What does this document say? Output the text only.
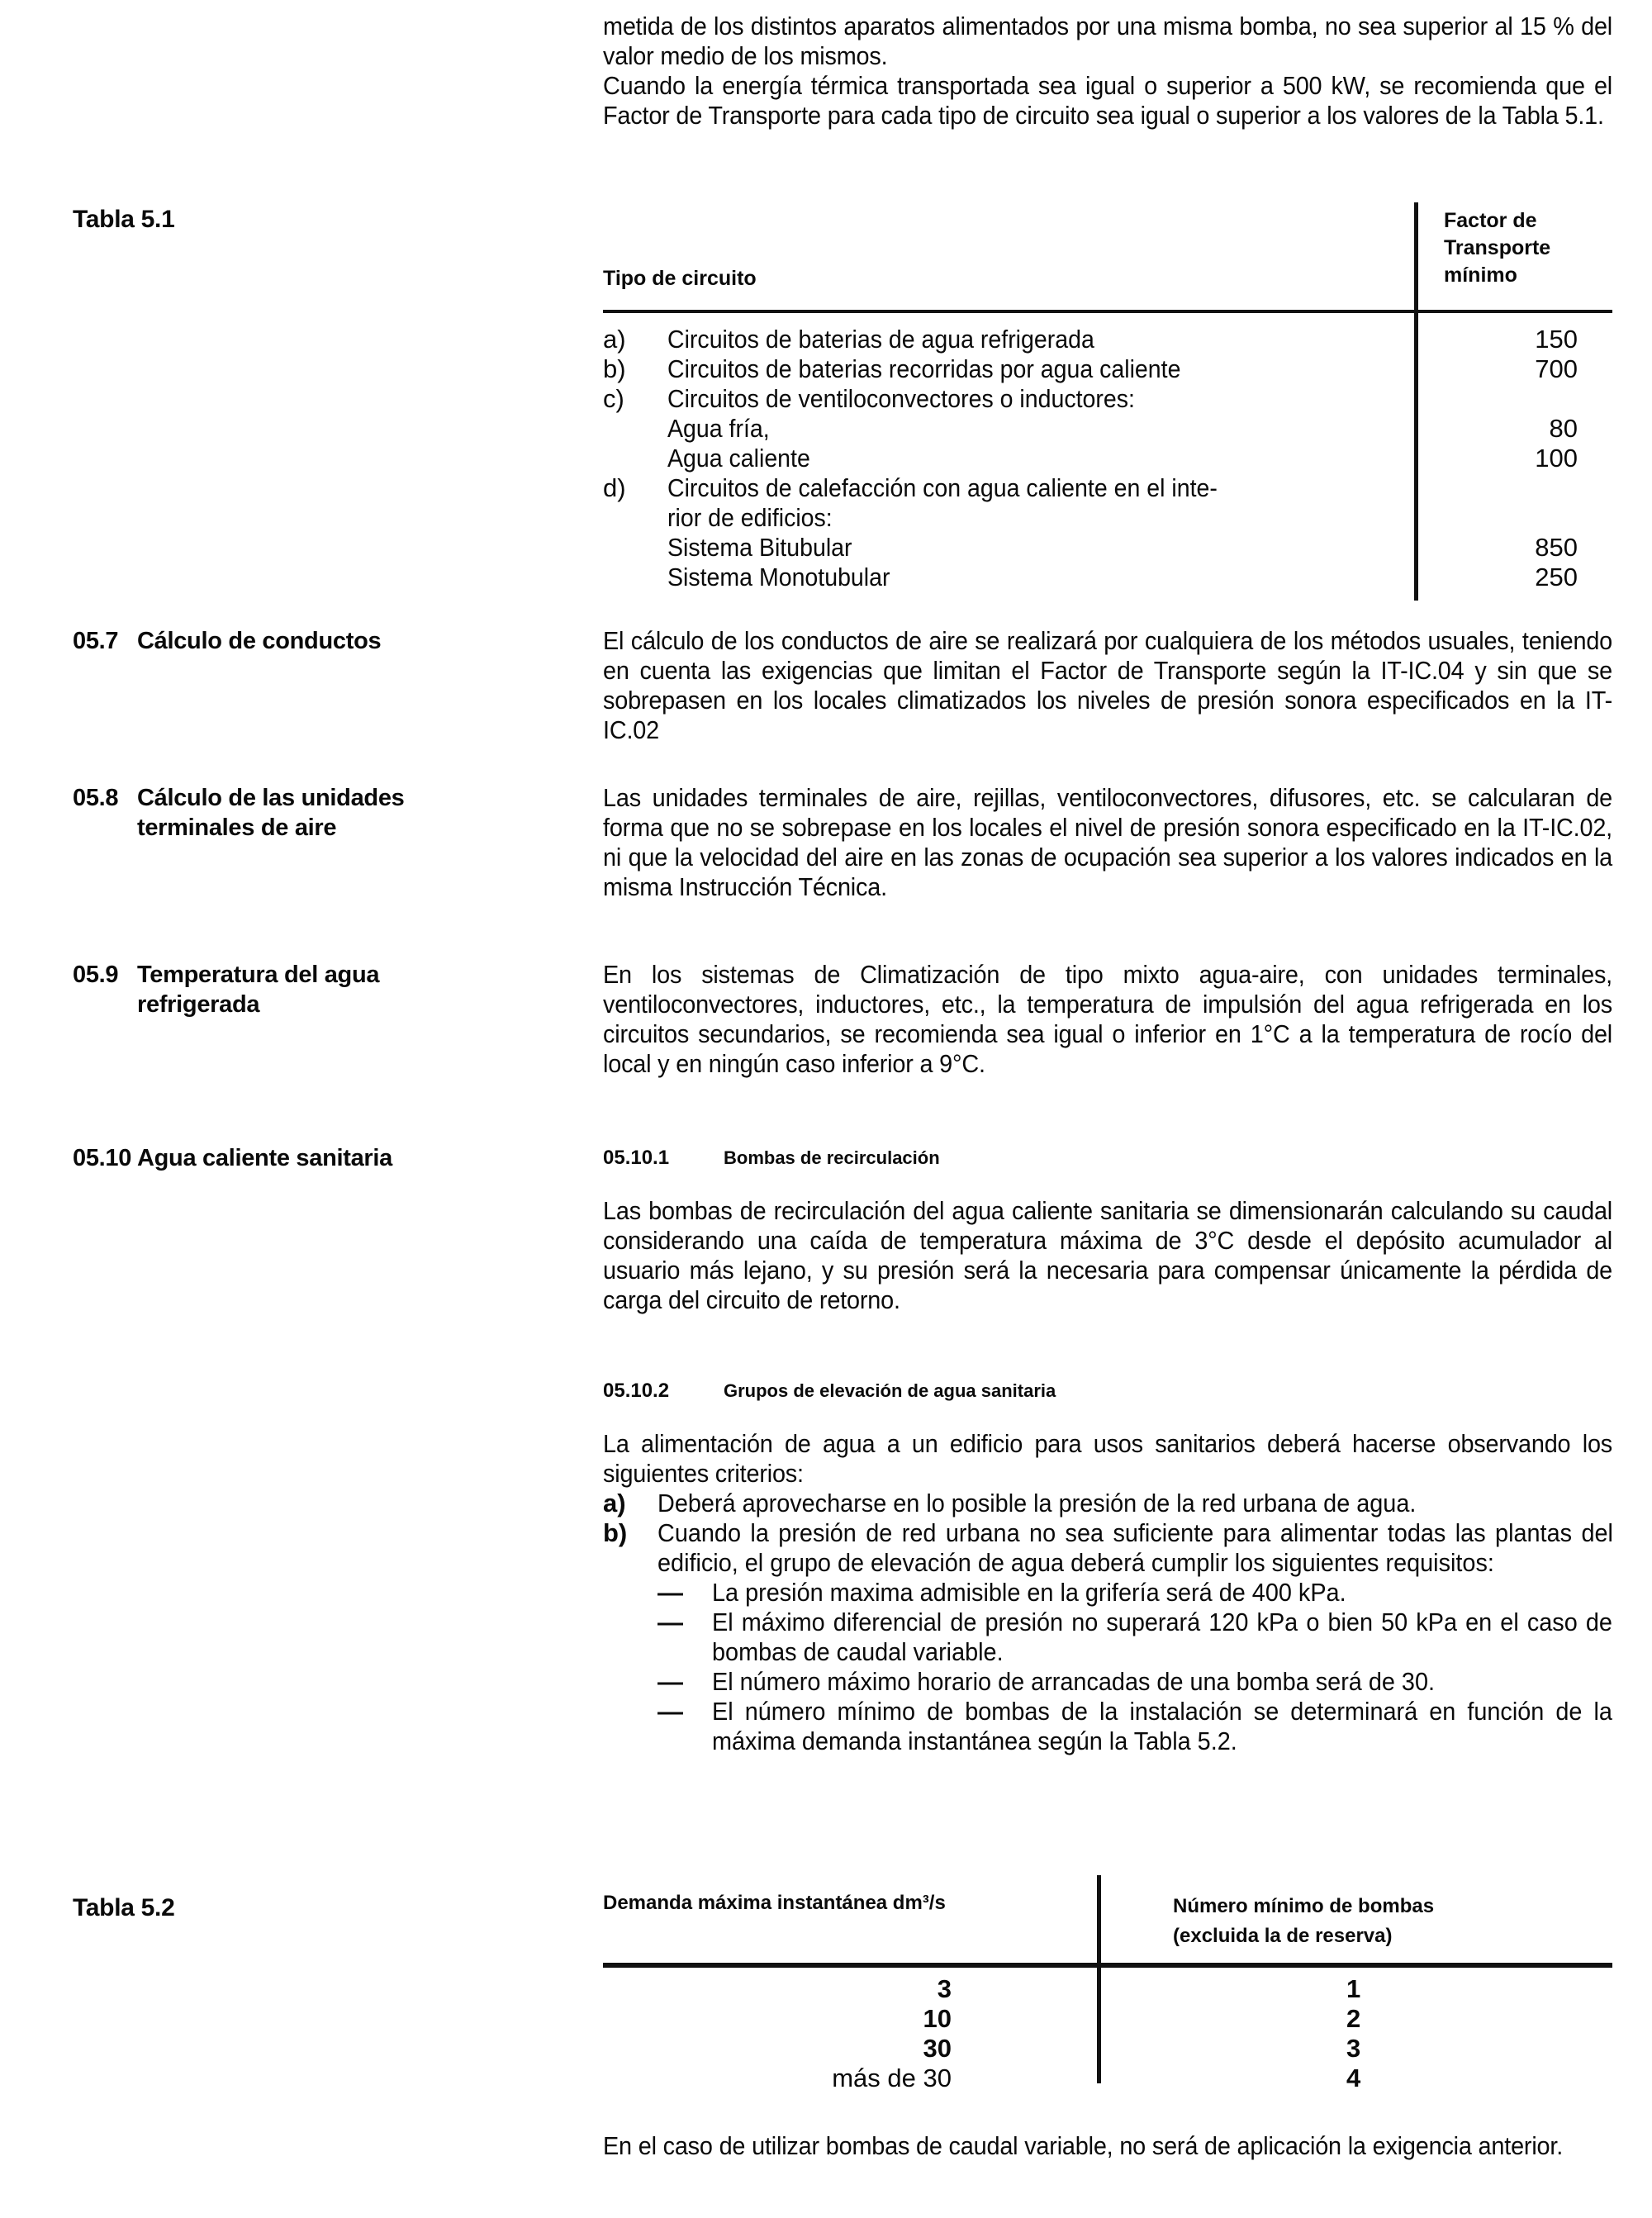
metida de los distintos aparatos alimentados por una misma bomba, no sea superior al 15 % del valor medio de los mismos.

Cuando la energía térmica transportada sea igual o superior a 500 kW, se recomienda que el Factor de Transporte para cada tipo de circuito sea igual o superior a los valores de la Tabla 5.1.

Tabla 5.1
Tipo de circuito
Factor de
Transporte
mínimo
a)	Circuitos de baterias de agua refrigerada	150
b)	Circuitos de baterias recorridas por agua caliente	700
c)	Circuitos de ventiloconvectores o inductores:
Agua fría,	80
Agua caliente	100
d)	Circuitos de calefacción con agua caliente en el inte-
rior de edificios:
Sistema Bitubular	850
Sistema Monotubular	250
05.7 Cálculo de conductos	El cálculo de los conductos de aire se realizará por cualquiera de los métodos usuales, teniendo en cuenta las exigencias que limitan el Factor de Transporte según la IT-IC.04 y sin que se sobrepasen en los locales climatizados los niveles de presión sonora especificados en la IT-IC.02

05.8 Cálculo de las unidades terminales de aire

Las unidades terminales de aire, rejillas, ventiloconvectores, difusores, etc. se calcularan de forma que no se sobrepase en los locales el nivel de presión sonora especificado en la IT-IC.02, ni que la velocidad del aire en las zonas de ocupación sea superior a los valores indicados en la misma Instrucción Técnica.

05.9 Temperatura del agua refrigerada

En los sistemas de Climatización de tipo mixto agua-aire, con unidades terminales, ventiloconvectores, inductores, etc., la temperatura de impulsión del agua refrigerada en los circuitos secundarios, se recomienda sea igual o inferior en 1°C a la temperatura de rocío del local y en ningún caso inferior a 9°C.

05.10 Agua caliente sanitaria	05.10.1	Bombas de recirculación

Las bombas de recirculación del agua caliente sanitaria se dimensionarán calculando su caudal considerando una caída de temperatura máxima de 3°C desde el depósito acumulador al usuario más lejano, y su presión será la necesaria para compensar únicamente la pérdida de carga del circuito de retorno.

05.10.2	Grupos de elevación de agua sanitaria

La alimentación de agua a un edificio para usos sanitarios deberá hacerse observando los siguientes criterios:

a) Deberá aprovecharse en lo posible la presión de la red urbana de agua.
b) Cuando la presión de red urbana no sea suficiente para alimentar todas las plantas del edificio, el grupo de elevación de agua deberá cumplir los siguientes requisitos:
— La presión maxima admisible en la grifería será de 400 kPa.
— El máximo diferencial de presión no superará 120 kPa o bien 50 kPa en el caso de bombas de caudal variable.
— El número máximo horario de arrancadas de una bomba será de 30.
— El número mínimo de bombas de la instalación se determinará en función de la máxima demanda instantánea según la Tabla 5.2.
Tabla 5.2	Demanda máxima instantánea dm³/s	Número mínimo de bombas
(excluida la de reserva)
3	1
10	2
30	3
más de 30	4

En el caso de utilizar bombas de caudal variable, no será de aplicación la exigencia anterior.
